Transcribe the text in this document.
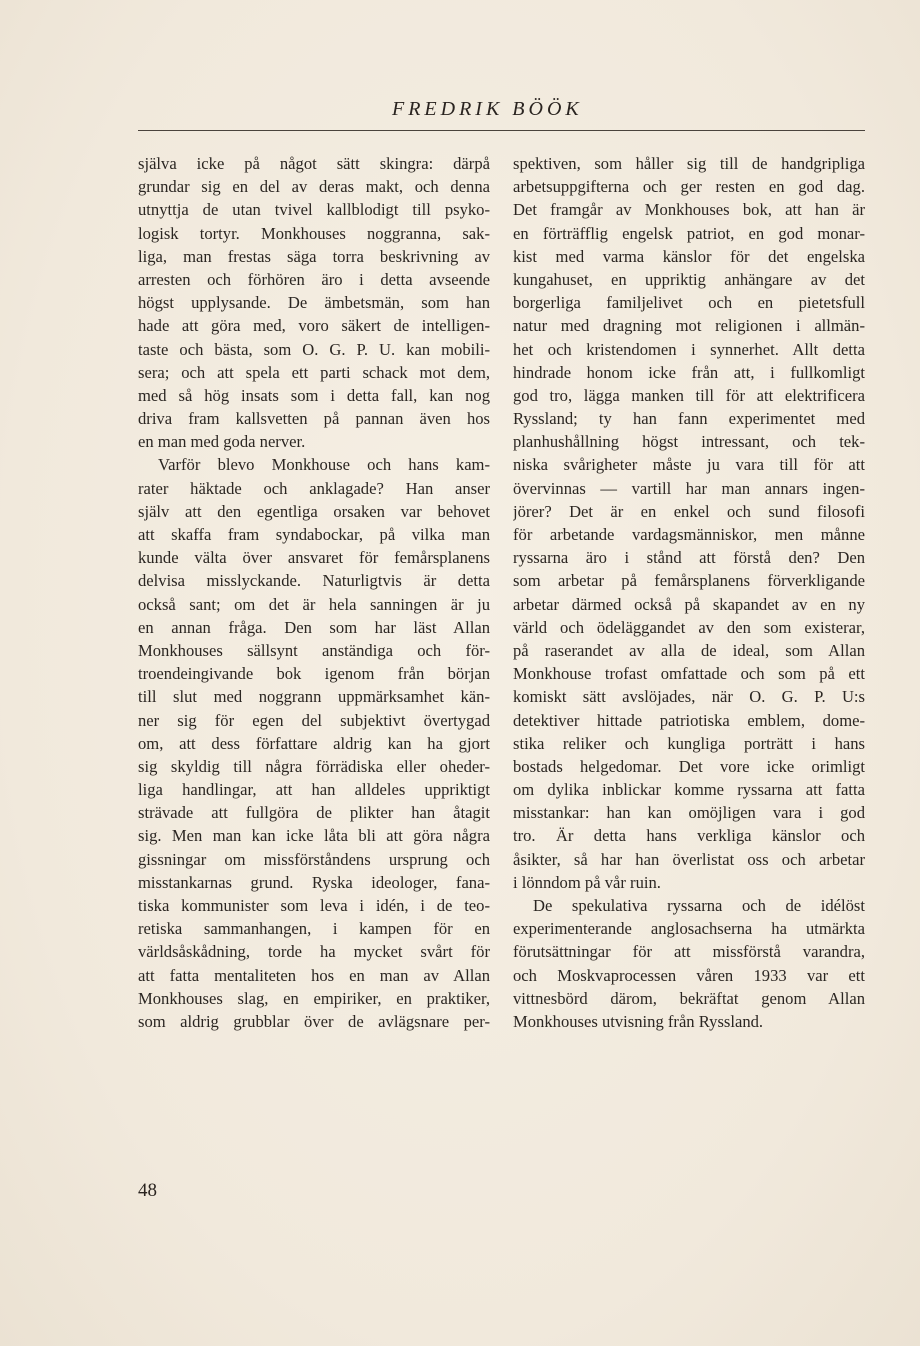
FREDRIK BÖÖK
själva icke på något sätt skingra: därpå
grundar sig en del av deras makt, och denna
utnyttja de utan tvivel kallblodigt till psyko-
logisk tortyr. Monkhouses noggranna, sak-
liga, man frestas säga torra beskrivning av
arresten och förhören äro i detta avseende
högst upplysande. De ämbetsmän, som han
hade att göra med, voro säkert de intelligen-
taste och bästa, som O. G. P. U. kan mobili-
sera; och att spela ett parti schack mot dem,
med så hög insats som i detta fall, kan nog
driva fram kallsvetten på pannan även hos
en man med goda nerver.
Varför blevo Monkhouse och hans kam-
rater häktade och anklagade? Han anser
själv att den egentliga orsaken var behovet
att skaffa fram syndabockar, på vilka man
kunde välta över ansvaret för femårsplanens
delvisa misslyckande. Naturligtvis är detta
också sant; om det är hela sanningen är ju
en annan fråga. Den som har läst Allan
Monkhouses sällsynt anständiga och för-
troendeingivande bok igenom från början
till slut med noggrann uppmärksamhet kän-
ner sig för egen del subjektivt övertygad
om, att dess författare aldrig kan ha gjort
sig skyldig till några förrädiska eller oheder-
liga handlingar, att han alldeles uppriktigt
strävade att fullgöra de plikter han åtagit
sig. Men man kan icke låta bli att göra några
gissningar om missförståndens ursprung och
misstankarnas grund. Ryska ideologer, fana-
tiska kommunister som leva i idén, i de teo-
retiska sammanhangen, i kampen för en
världsåskådning, torde ha mycket svårt för
att fatta mentaliteten hos en man av Allan
Monkhouses slag, en empiriker, en praktiker,
som aldrig grubblar över de avlägsnare per-
spektiven, som håller sig till de handgripliga
arbetsuppgifterna och ger resten en god dag.
Det framgår av Monkhouses bok, att han är
en förträfflig engelsk patriot, en god monar-
kist med varma känslor för det engelska
kungahuset, en uppriktig anhängare av det
borgerliga familjelivet och en pietetsfull
natur med dragning mot religionen i allmän-
het och kristendomen i synnerhet. Allt detta
hindrade honom icke från att, i fullkomligt
god tro, lägga manken till för att elektrificera
Ryssland; ty han fann experimentet med
planhushållning högst intressant, och tek-
niska svårigheter måste ju vara till för att
övervinnas — vartill har man annars ingen-
jörer? Det är en enkel och sund filosofi
för arbetande vardagsmänniskor, men månne
ryssarna äro i stånd att förstå den? Den
som arbetar på femårsplanens förverkligande
arbetar därmed också på skapandet av en ny
värld och ödeläggandet av den som existerar,
på raserandet av alla de ideal, som Allan
Monkhouse trofast omfattade och som på ett
komiskt sätt avslöjades, när O. G. P. U:s
detektiver hittade patriotiska emblem, dome-
stika reliker och kungliga porträtt i hans
bostads helgedomar. Det vore icke orimligt
om dylika inblickar komme ryssarna att fatta
misstankar: han kan omöjligen vara i god
tro. Är detta hans verkliga känslor och
åsikter, så har han överlistat oss och arbetar
i lönndom på vår ruin.
De spekulativa ryssarna och de idélöst
experimenterande anglosachserna ha utmärkta
förutsättningar för att missförstå varandra,
och Moskvaprocessen våren 1933 var ett
vittnesbörd därom, bekräftat genom Allan
Monkhouses utvisning från Ryssland.
48
